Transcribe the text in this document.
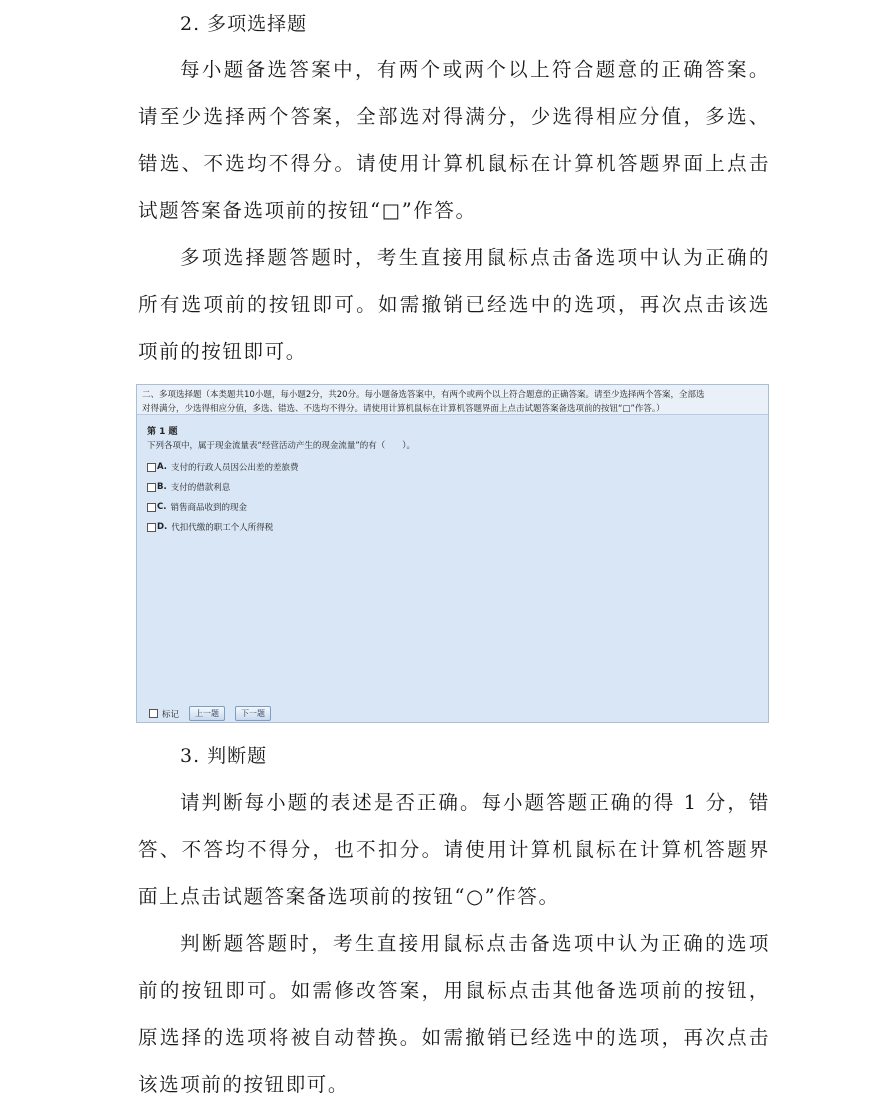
2. 多项选择题

每小题备选答案中，有两个或两个以上符合题意的正确答案。请至少选择两个答案，全部选对得满分，少选得相应分值，多选、错选、不选均不得分。请使用计算机鼠标在计算机答题界面上点击试题答案备选项前的按钮“□”作答。

多项选择题答题时，考生直接用鼠标点击备选项中认为正确的所有选项前的按钮即可。如需撤销已经选中的选项，再次点击该选项前的按钮即可。

二、多项选择题（本类题共10小题，每小题2分，共20分。每小题备选答案中，有两个或两个以上符合题意的正确答案。请至少选择两个答案，全部选
对得满分，少选得相应分值，多选、错选、不选均不得分。请使用计算机鼠标在计算机答题界面上点击试题答案备选项前的按钮“□”作答。）
第 1 题
下列各项中，属于现金流量表“经营活动产生的现金流量”的有（　　）。
A. 支付的行政人员因公出差的差旅费
B. 支付的借款利息
C. 销售商品收到的现金
D. 代扣代缴的职工个人所得税
标记	上一题	下一题
3. 判断题

请判断每小题的表述是否正确。每小题答题正确的得 1 分，错答、不答均不得分，也不扣分。请使用计算机鼠标在计算机答题界面上点击试题答案备选项前的按钮“○”作答。

判断题答题时，考生直接用鼠标点击备选项中认为正确的选项前的按钮即可。如需修改答案，用鼠标点击其他备选项前的按钮，原选择的选项将被自动替换。如需撤销已经选中的选项，再次点击该选项前的按钮即可。
